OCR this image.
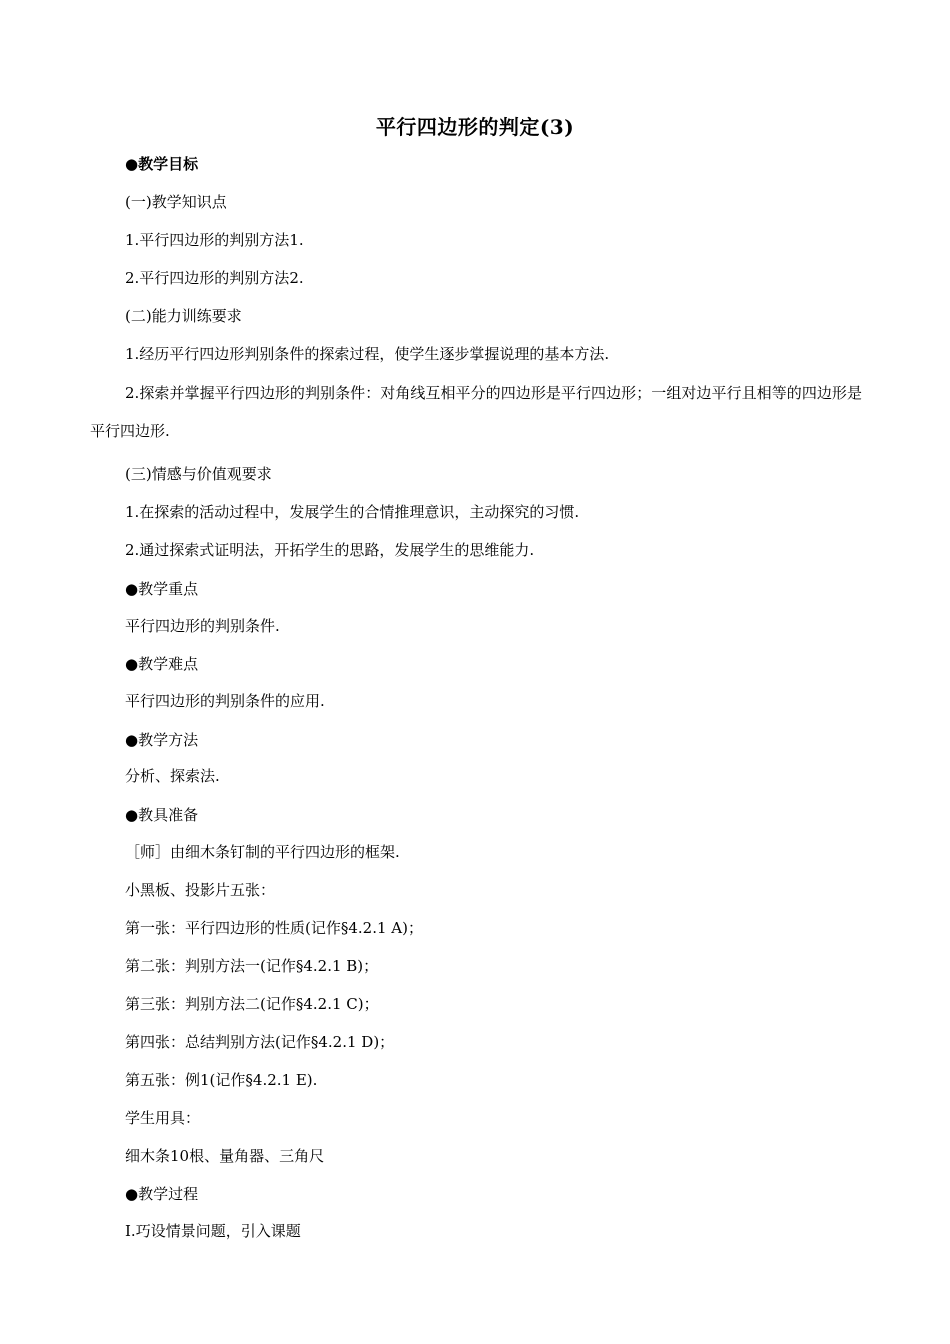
平行四边形的判定(3)
●教学目标
(一)教学知识点
1.平行四边形的判别方法1.
2.平行四边形的判别方法2.
(二)能力训练要求
1.经历平行四边形判别条件的探索过程，使学生逐步掌握说理的基本方法.
2.探索并掌握平行四边形的判别条件：对角线互相平分的四边形是平行四边形；一组对边平行且相等的四边形是平行四边形.
(三)情感与价值观要求
1.在探索的活动过程中，发展学生的合情推理意识，主动探究的习惯.
2.通过探索式证明法，开拓学生的思路，发展学生的思维能力.
●教学重点
平行四边形的判别条件.
●教学难点
平行四边形的判别条件的应用.
●教学方法
分析、探索法.
●教具准备
［师］由细木条钉制的平行四边形的框架.
小黑板、投影片五张：
第一张：平行四边形的性质(记作§4.2.1 A)；
第二张：判别方法一(记作§4.2.1 B)；
第三张：判别方法二(记作§4.2.1 C)；
第四张：总结判别方法(记作§4.2.1 D)；
第五张：例1(记作§4.2.1 E).
学生用具：
细木条10根、量角器、三角尺
●教学过程
Ⅰ.巧设情景问题，引入课题
